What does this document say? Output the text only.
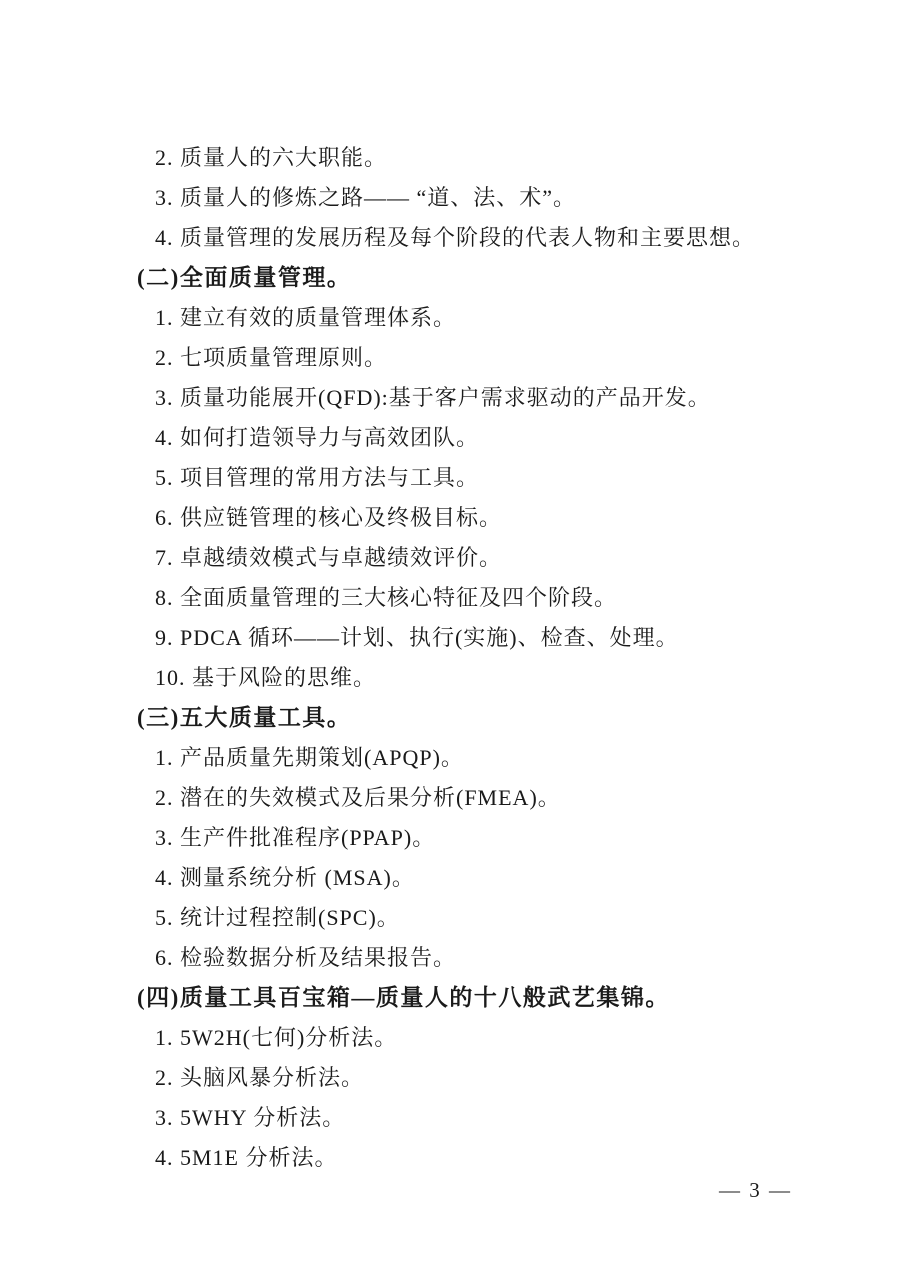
2. 质量人的六大职能。

3. 质量人的修炼之路—— “道、法、术”。

4. 质量管理的发展历程及每个阶段的代表人物和主要思想。

(二)全面质量管理。

1. 建立有效的质量管理体系。

2. 七项质量管理原则。

3. 质量功能展开(QFD):基于客户需求驱动的产品开发。

4. 如何打造领导力与高效团队。

5. 项目管理的常用方法与工具。

6. 供应链管理的核心及终极目标。

7. 卓越绩效模式与卓越绩效评价。

8. 全面质量管理的三大核心特征及四个阶段。

9. PDCA 循环——计划、执行(实施)、检查、处理。

10. 基于风险的思维。

(三)五大质量工具。

1. 产品质量先期策划(APQP)。

2. 潜在的失效模式及后果分析(FMEA)。

3. 生产件批准程序(PPAP)。

4. 测量系统分析 (MSA)。

5. 统计过程控制(SPC)。

6. 检验数据分析及结果报告。

(四)质量工具百宝箱—质量人的十八般武艺集锦。

1. 5W2H(七何)分析法。

2. 头脑风暴分析法。

3. 5WHY 分析法。

4. 5M1E 分析法。

— 3 —
